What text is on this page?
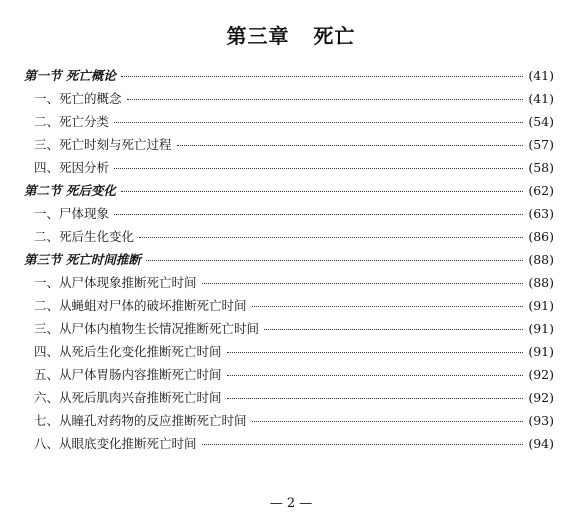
第三章   死亡
第一节 死亡概论	(41)
一、死亡的概念	(41)
二、死亡分类	(54)
三、死亡时刻与死亡过程	(57)
四、死因分析	(58)
第二节 死后变化	(62)
一、尸体现象	(63)
二、死后生化变化	(86)
第三节 死亡时间推断	(88)
一、从尸体现象推断死亡时间	(88)
二、从蝇蛆对尸体的破坏推断死亡时间	(91)
三、从尸体内植物生长情况推断死亡时间	(91)
四、从死后生化变化推断死亡时间	(91)
五、从尸体胃肠内容推断死亡时间	(92)
六、从死后肌肉兴奋推断死亡时间	(92)
七、从瞳孔对药物的反应推断死亡时间	(93)
八、从眼底变化推断死亡时间	(94)
— 2 —
